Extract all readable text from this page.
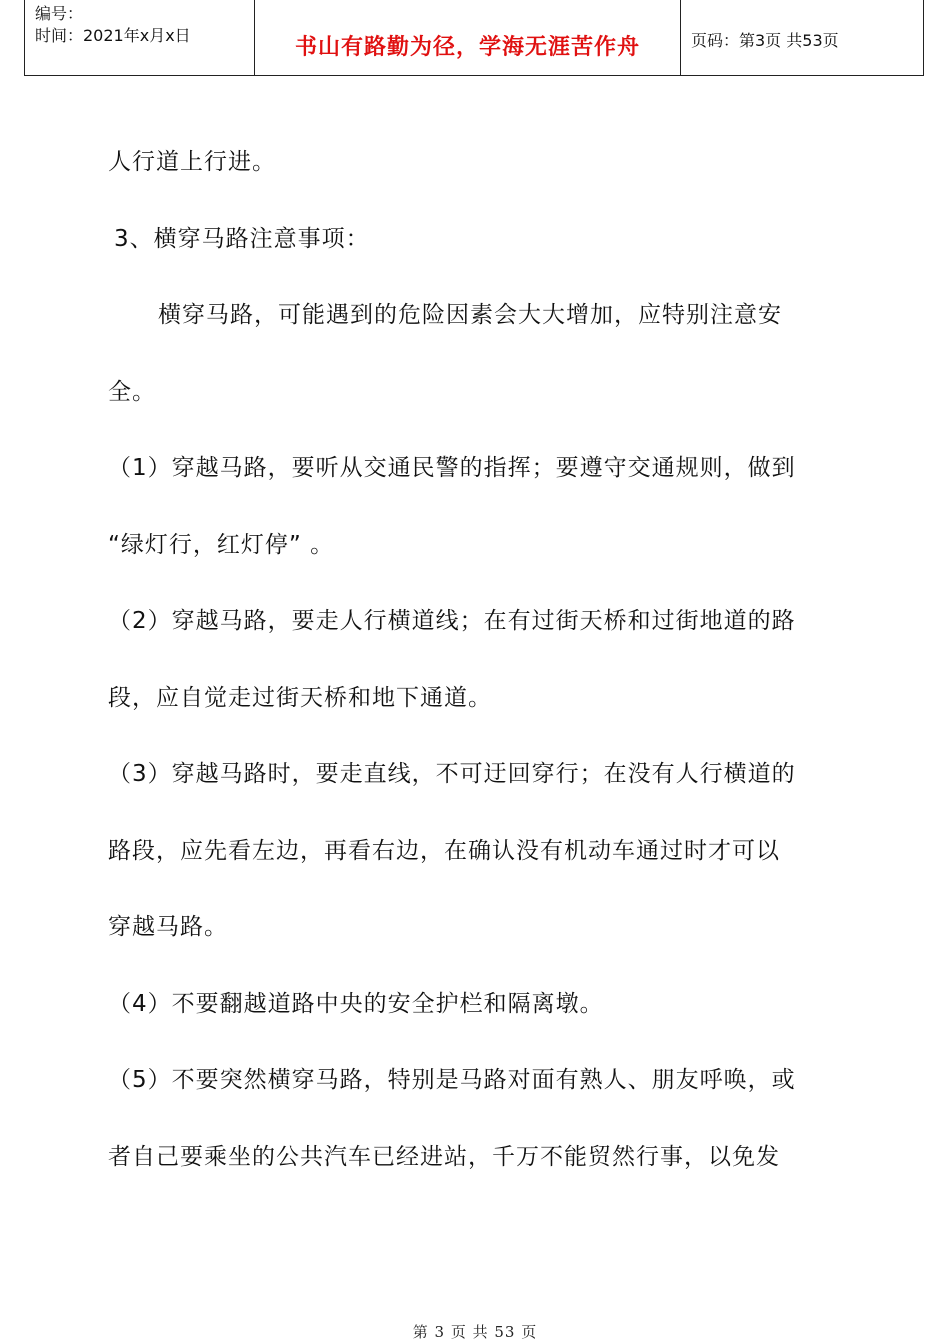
编号：
时间：2021年x月x日	书山有路勤为径，学海无涯苦作舟	页码：第3页 共53页

人行道上行进。

3、横穿马路注意事项：

横穿马路，可能遇到的危险因素会大大增加，应特别注意安

全。

（1）穿越马路，要听从交通民警的指挥；要遵守交通规则，做到

“绿灯行，红灯停” 。

（2）穿越马路，要走人行横道线；在有过街天桥和过街地道的路

段，应自觉走过街天桥和地下通道。

（3）穿越马路时，要走直线，不可迂回穿行；在没有人行横道的

路段，应先看左边，再看右边，在确认没有机动车通过时才可以

穿越马路。

（4）不要翻越道路中央的安全护栏和隔离墩。

（5）不要突然横穿马路，特别是马路对面有熟人、朋友呼唤，或

者自己要乘坐的公共汽车已经进站，千万不能贸然行事，以免发

第 3 页 共 53 页
